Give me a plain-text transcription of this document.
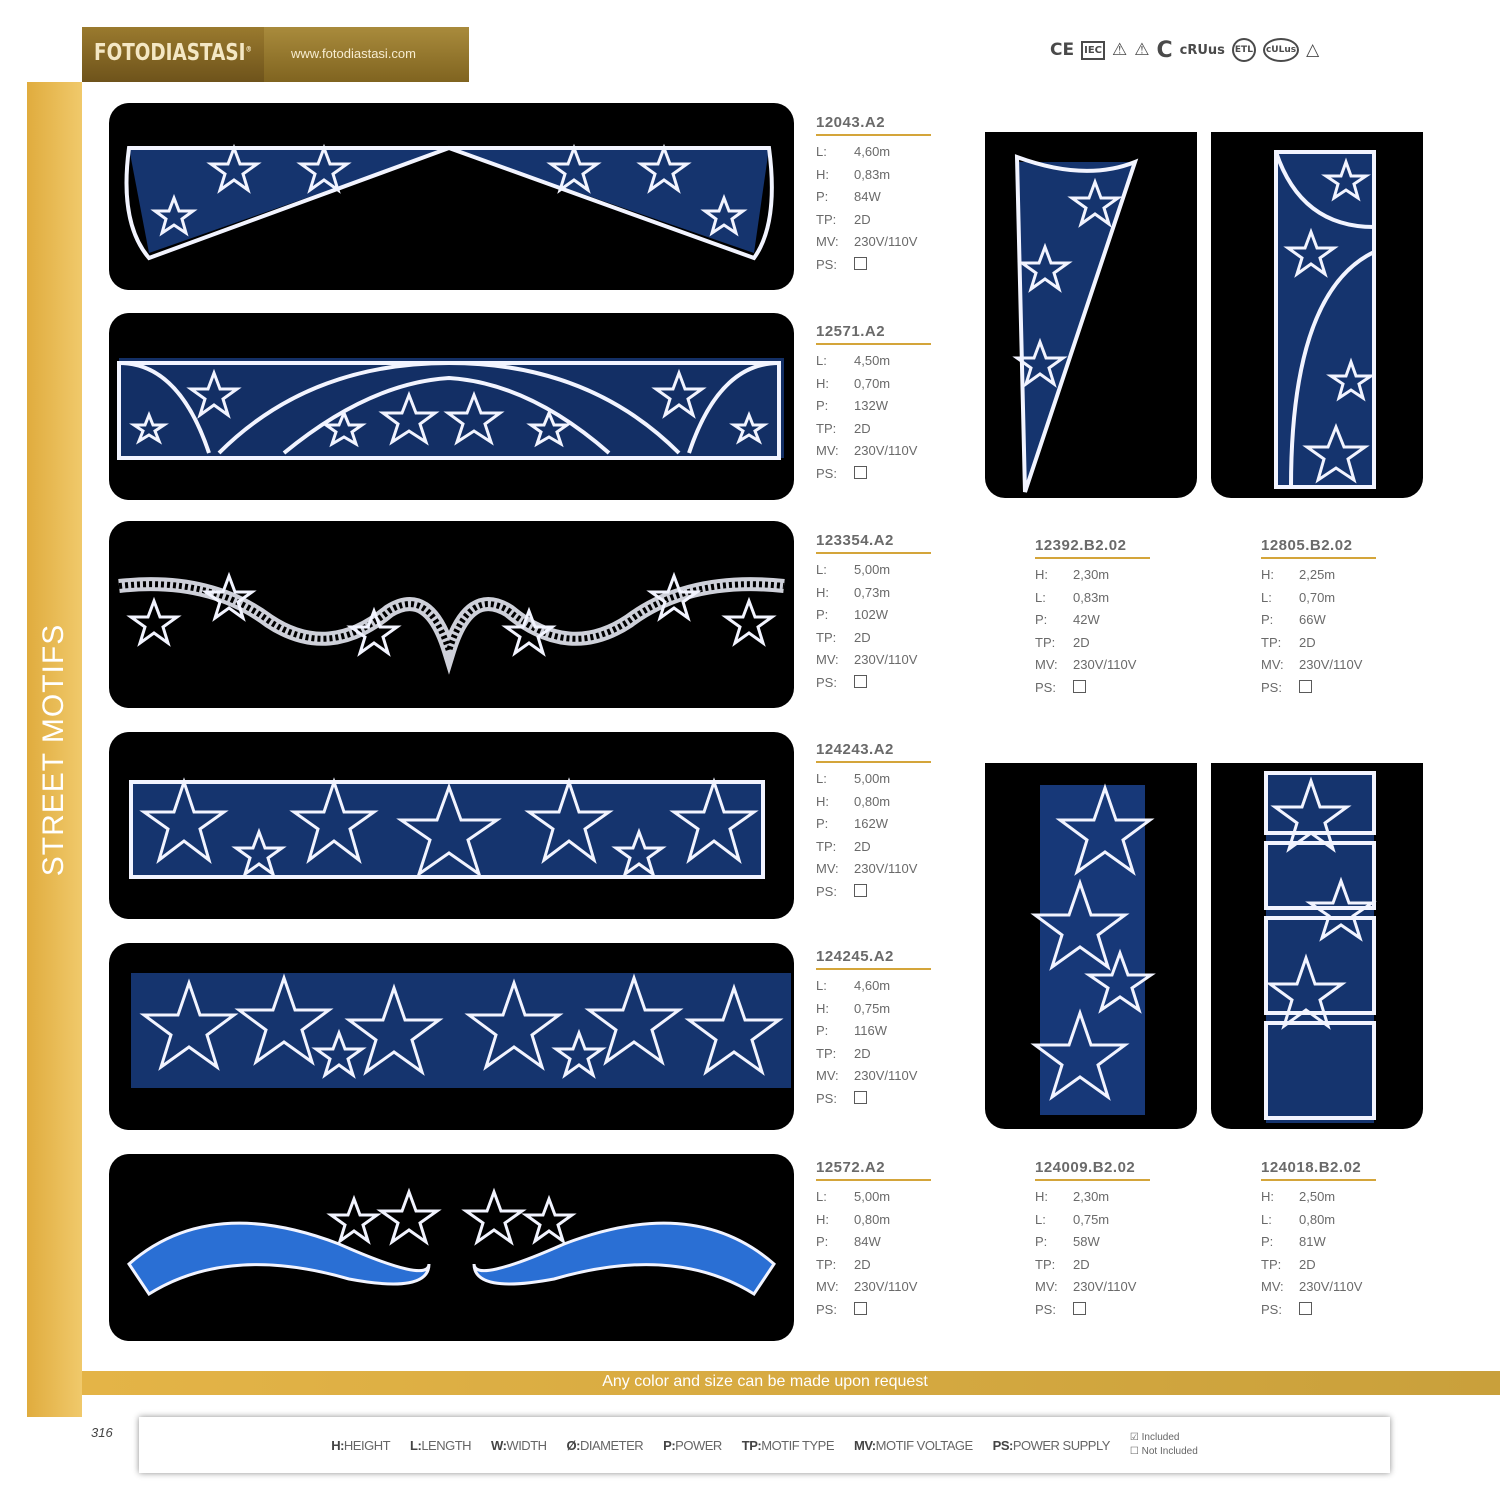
FOTODIASTASI®	www.fotodiastasi.com	CE	IEC ⚠ ⚠ C cRUus	ETL	cULus △
STREET MOTIFS
12043.A2
L:	4,60m
H:	0,83m
P:	84W
TP:	2D
MV:	230V/110V
PS:
12571.A2
L:	4,50m
H:	0,70m
P:	132W
TP:	2D
MV:	230V/110V
PS:
123354.A2
L:	5,00m
H:	0,73m
P:	102W
TP:	2D
MV:	230V/110V
PS:
124243.A2
L:	5,00m
H:	0,80m
P:	162W
TP:	2D
MV:	230V/110V
PS:
124245.A2
L:	4,60m
H:	0,75m
P:	116W
TP:	2D
MV:	230V/110V
PS:
12572.A2
L:	5,00m
H:	0,80m
P:	84W
TP:	2D
MV:	230V/110V
PS:
12392.B2.02
H:	2,30m
L:	0,83m
P:	42W
TP:	2D
MV:	230V/110V
PS:
12805.B2.02
H:	2,25m
L:	0,70m
P:	66W
TP:	2D
MV:	230V/110V
PS:
124009.B2.02
H:	2,30m
L:	0,75m
P:	58W
TP:	2D
MV:	230V/110V
PS:
124018.B2.02
H:	2,50m
L:	0,80m
P:	81W
TP:	2D
MV:	230V/110V
PS:
Any color and size can be made upon request
316
H:HEIGHT L:LENGTH W:WIDTH Ø:DIAMETER P:POWER TP:MOTIF TYPE MV:MOTIF VOLTAGE PS:POWER SUPPLY ☑ Included
☐ Not Included
